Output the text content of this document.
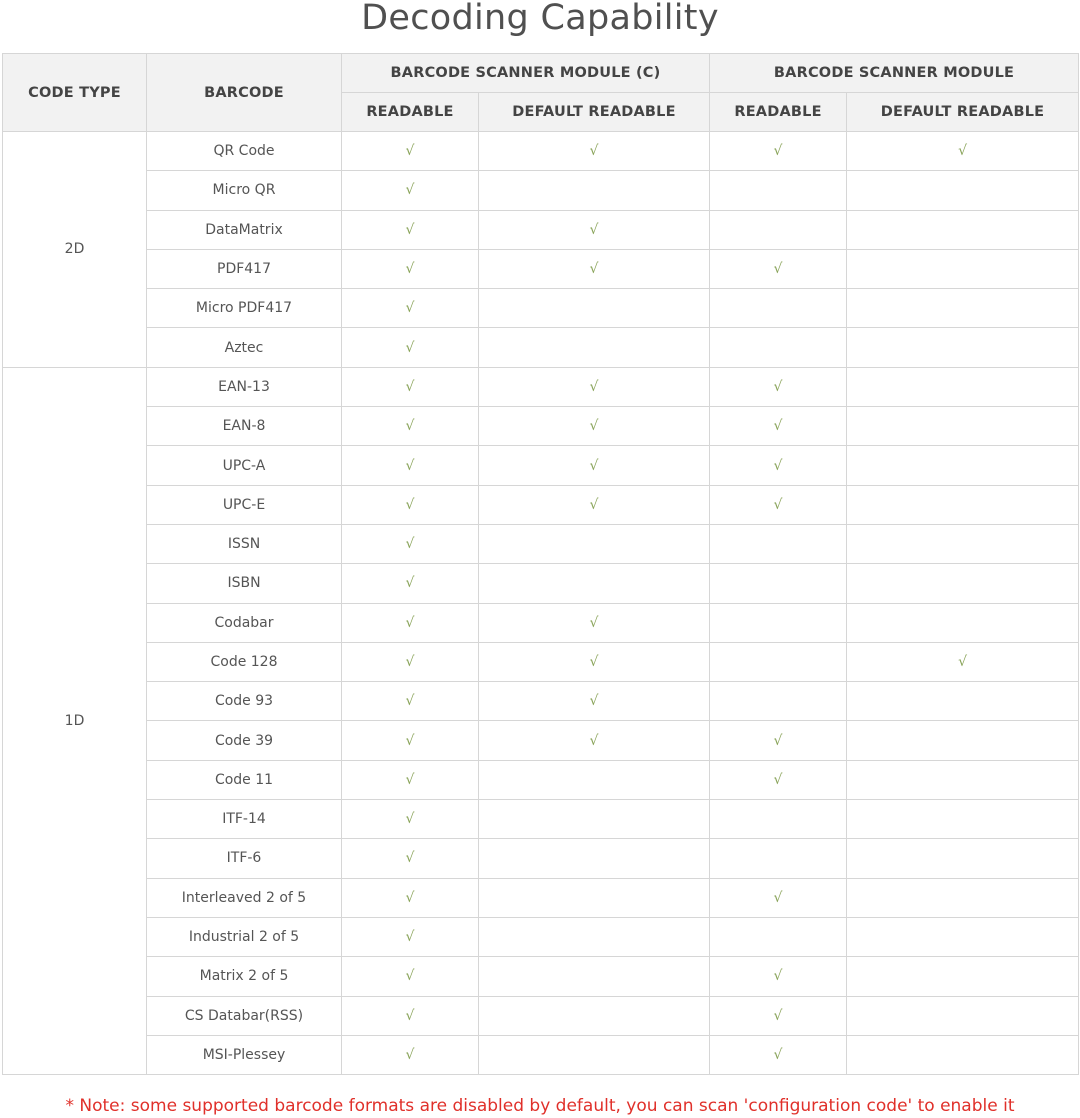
Decoding Capability
CODE TYPE	BARCODE	BARCODE SCANNER MODULE (C)		BARCODE SCANNER MODULE	
		READABLE	DEFAULT READABLE	READABLE	DEFAULT READABLE
2D	QR Code	√	√	√	√
	Micro QR	√			
	DataMatrix	√	√		
	PDF417	√	√	√	
	Micro PDF417	√			
	Aztec	√			
1D	EAN-13	√	√	√	
	EAN-8	√	√	√	
	UPC-A	√	√	√	
	UPC-E	√	√	√	
	ISSN	√			
	ISBN	√			
	Codabar	√	√		
	Code 128	√	√		√
	Code 93	√	√		
	Code 39	√	√	√	
	Code 11	√		√	
	ITF-14	√			
	ITF-6	√			
	Interleaved 2 of 5	√		√	
	Industrial 2 of 5	√			
	Matrix 2 of 5	√		√	
	CS Databar(RSS)	√		√	
	MSI-Plessey	√		√	
* Note: some supported barcode formats are disabled by default, you can scan 'configuration code' to enable it
